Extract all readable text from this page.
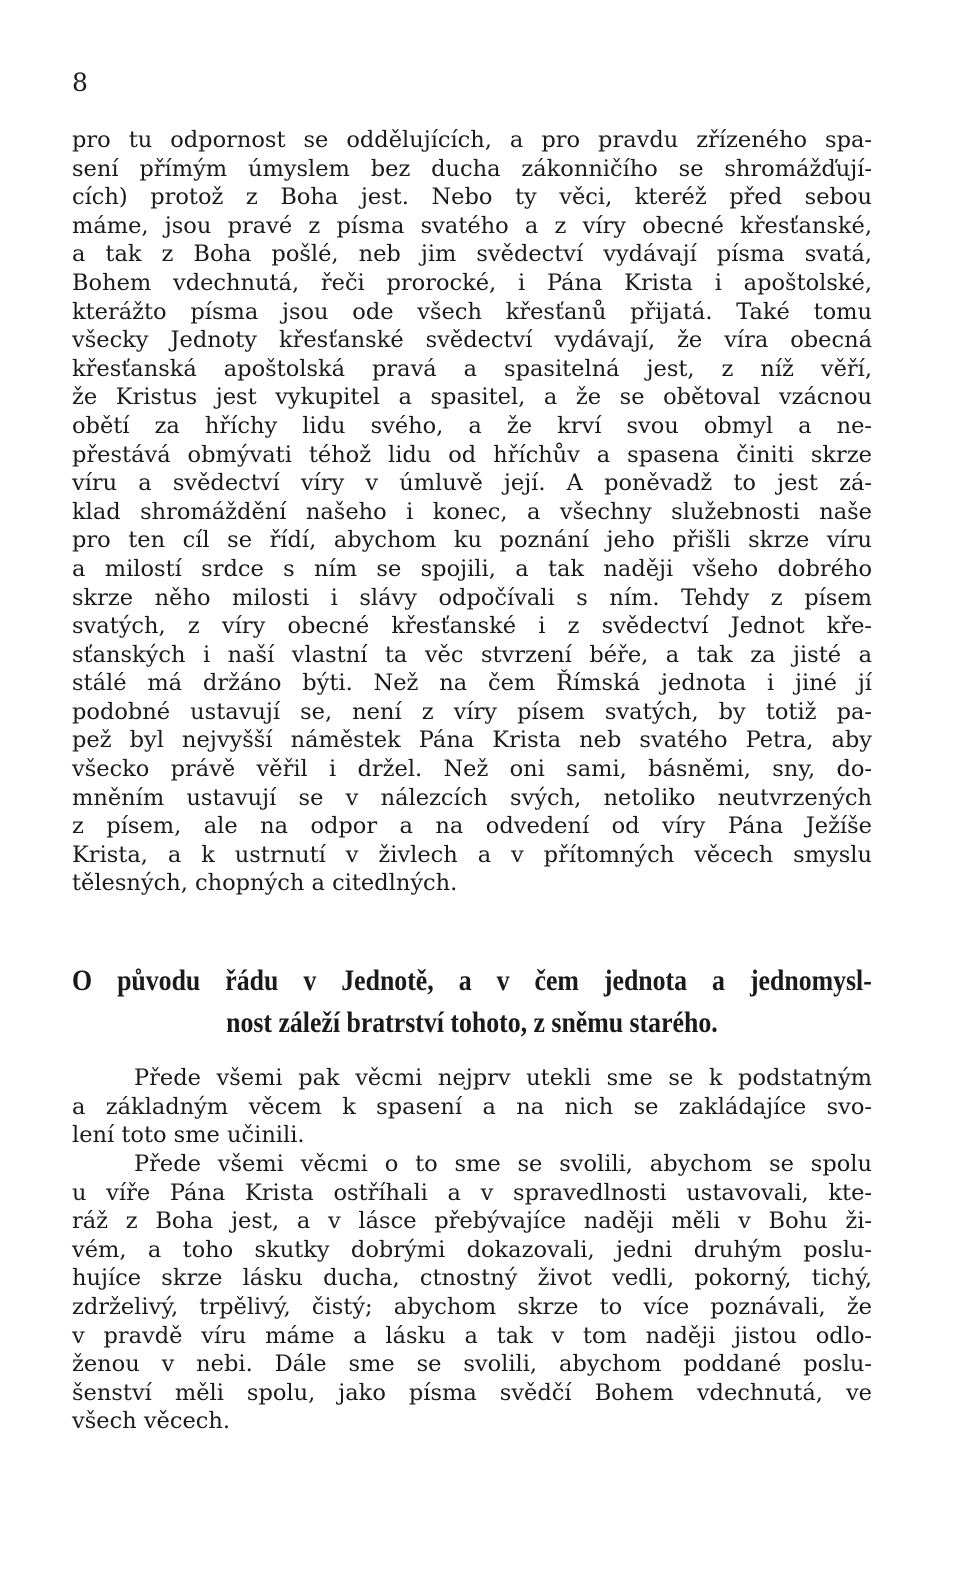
8
pro tu odpornost se oddělujících, a pro pravdu zřízeného spa-
sení přímým úmyslem bez ducha zákonničího se shromážďují-
cích) protož z Boha jest. Nebo ty věci, kteréž před sebou
máme, jsou pravé z písma svatého a z víry obecné křesťanské,
a tak z Boha pošlé, neb jim svědectví vydávají písma svatá,
Bohem vdechnutá, řeči prorocké, i Pána Krista i apoštolské,
kterážto písma jsou ode všech křesťanů přijatá. Také tomu
všecky Jednoty křesťanské svědectví vydávají, že víra obecná
křesťanská apoštolská pravá a spasitelná jest, z níž věří,
že Kristus jest vykupitel a spasitel, a že se obětoval vzácnou
obětí za hříchy lidu svého, a že krví svou obmyl a ne-
přestává obmývati téhož lidu od hříchův a spasena činiti skrze
víru a svědectví víry v úmluvě její. A poněvadž to jest zá-
klad shromáždění našeho i konec, a všechny služebnosti naše
pro ten cíl se řídí, abychom ku poznání jeho přišli skrze víru
a milostí srdce s ním se spojili, a tak naději všeho dobrého
skrze něho milosti i slávy odpočívali s ním. Tehdy z písem
svatých, z víry obecné křesťanské i z svědectví Jednot kře-
sťanských i naší vlastní ta věc stvrzení béře, a tak za jisté a
stálé má držáno býti. Než na čem Římská jednota i jiné jí
podobné ustavují se, není z víry písem svatých, by totiž pa-
pež byl nejvyšší náměstek Pána Krista neb svatého Petra, aby
všecko právě věřil i držel. Než oni sami, básněmi, sny, do-
mněním ustavují se v nálezcích svých, netoliko neutvrzených
z písem, ale na odpor a na odvedení od víry Pána Ježíše
Krista, a k ustrnutí v živlech a v přítomných věcech smyslu
tělesných, chopných a citedlných.
O původu řádu v Jednotě, a v čem jednota a jednomysl-
nost záleží bratrství tohoto, z sněmu starého.
Přede všemi pak věcmi nejprv utekli sme se k podstatným
a základným věcem k spasení a na nich se zakládajíce svo-
lení toto sme učinili.
Přede všemi věcmi o to sme se svolili, abychom se spolu
u víře Pána Krista ostříhali a v spravedlnosti ustavovali, kte-
ráž z Boha jest, a v lásce přebývajíce naději měli v Bohu ži-
vém, a toho skutky dobrými dokazovali, jedni druhým poslu-
hujíce skrze lásku ducha, ctnostný život vedli, pokorný, tichý,
zdrželivý, trpělivý, čistý; abychom skrze to více poznávali, že
v pravdě víru máme a lásku a tak v tom naději jistou odlo-
ženou v nebi. Dále sme se svolili, abychom poddané poslu-
šenství měli spolu, jako písma svědčí Bohem vdechnutá, ve
všech věcech.
